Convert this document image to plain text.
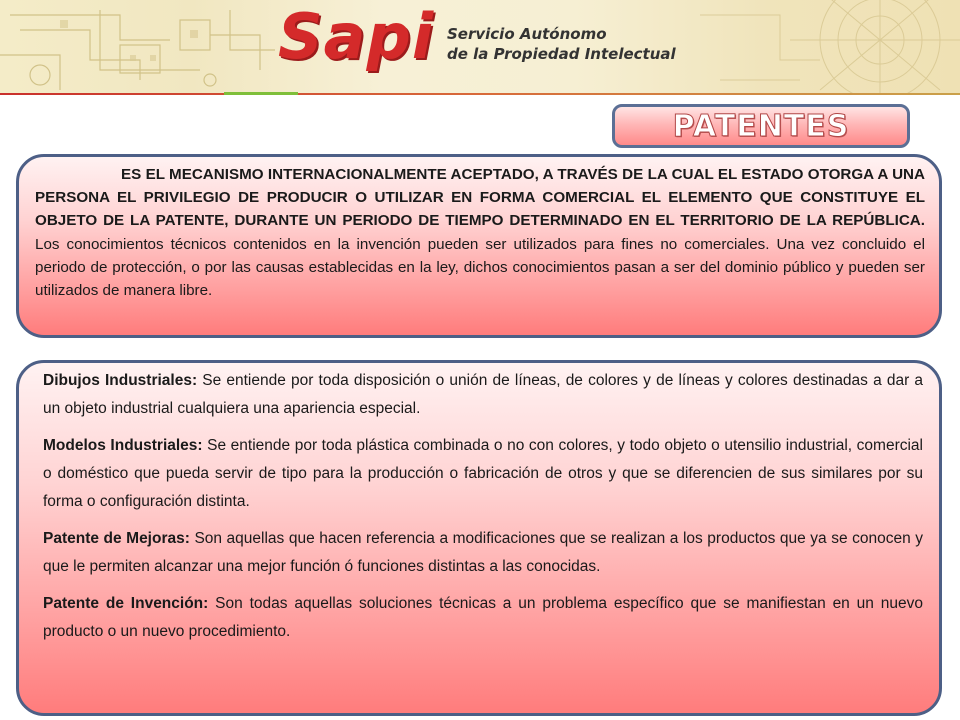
Sapi Servicio Autónomo
de la Propiedad Intelectual
PATENTES

ES EL MECANISMO INTERNACIONALMENTE ACEPTADO, A TRAVÉS DE LA CUAL EL ESTADO OTORGA A UNA PERSONA EL PRIVILEGIO DE PRODUCIR O UTILIZAR EN FORMA COMERCIAL EL ELEMENTO QUE CONSTITUYE EL OBJETO DE LA PATENTE, DURANTE UN PERIODO DE TIEMPO DETERMINADO EN EL TERRITORIO DE LA REPÚBLICA. Los conocimientos técnicos contenidos en la invención pueden ser utilizados para fines no comerciales. Una vez concluido el periodo de protección, o por las causas establecidas en la ley, dichos conocimientos pasan a ser del dominio público y pueden ser utilizados de manera libre.

Dibujos Industriales: Se entiende por toda disposición o unión de líneas, de colores y de líneas y colores destinadas a dar a un objeto industrial cualquiera una apariencia especial.

Modelos Industriales: Se entiende por toda plástica combinada o no con colores, y todo objeto o utensilio industrial, comercial o doméstico que pueda servir de tipo para la producción o fabricación de otros y que se diferencien de sus similares por su forma o configuración distinta.

Patente de Mejoras: Son aquellas que hacen referencia a modificaciones que se realizan a los productos que ya se conocen y que le permiten alcanzar una mejor función ó funciones distintas a las conocidas.

Patente de Invención: Son todas aquellas soluciones técnicas a un problema específico que se manifiestan en un nuevo producto o un nuevo procedimiento.
